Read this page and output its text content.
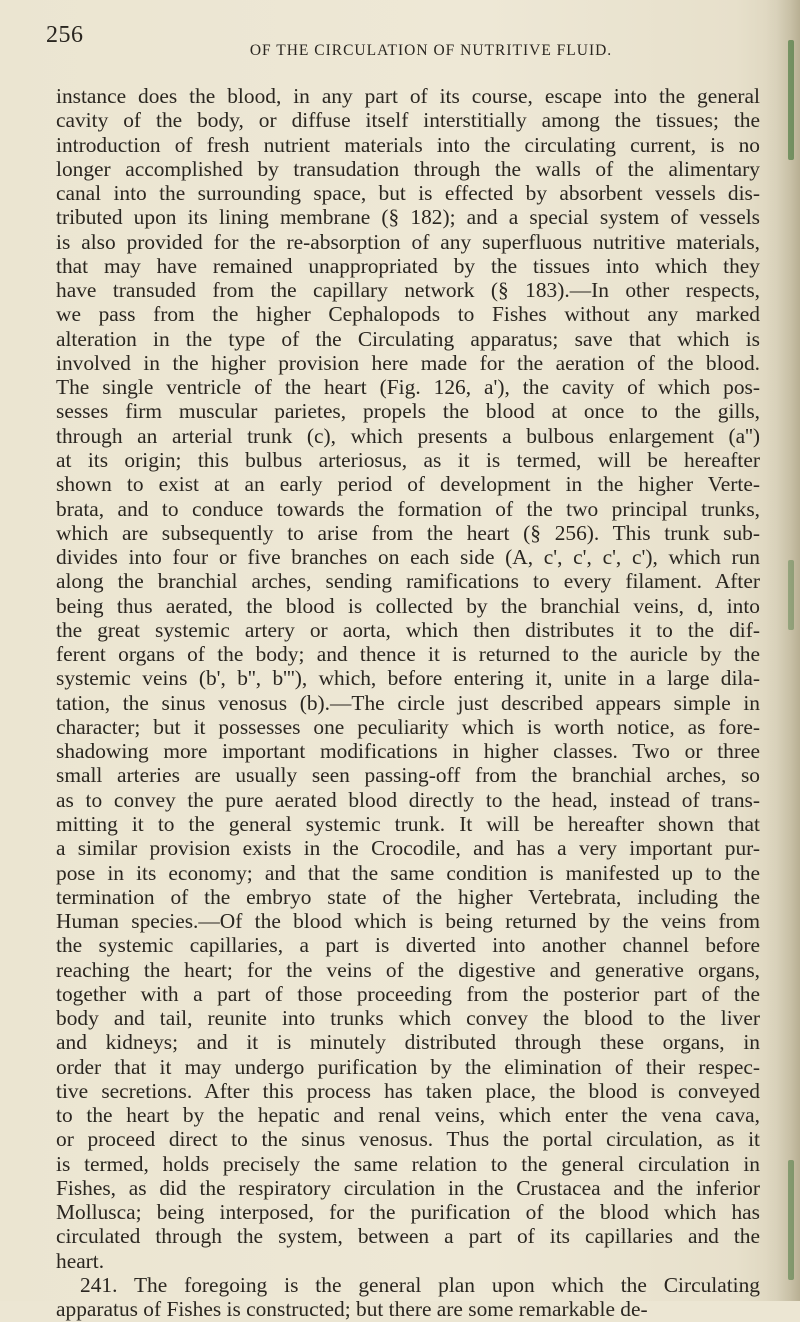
256
OF THE CIRCULATION OF NUTRITIVE FLUID.
instance does the blood, in any part of its course, escape into the general
cavity of the body, or diffuse itself interstitially among the tissues; the
introduction of fresh nutrient materials into the circulating current, is no
longer accomplished by transudation through the walls of the alimentary
canal into the surrounding space, but is effected by absorbent vessels dis-
tributed upon its lining membrane (§ 182); and a special system of vessels
is also provided for the re-absorption of any superfluous nutritive materials,
that may have remained unappropriated by the tissues into which they
have transuded from the capillary network (§ 183).—In other respects,
we pass from the higher Cephalopods to Fishes without any marked
alteration in the type of the Circulating apparatus; save that which is
involved in the higher provision here made for the aeration of the blood.
The single ventricle of the heart (Fig. 126, a'), the cavity of which pos-
sesses firm muscular parietes, propels the blood at once to the gills,
through an arterial trunk (c), which presents a bulbous enlargement (a'')
at its origin; this bulbus arteriosus, as it is termed, will be hereafter
shown to exist at an early period of development in the higher Verte-
brata, and to conduce towards the formation of the two principal trunks,
which are subsequently to arise from the heart (§ 256). This trunk sub-
divides into four or five branches on each side (A, c', c', c', c'), which run
along the branchial arches, sending ramifications to every filament. After
being thus aerated, the blood is collected by the branchial veins, d, into
the great systemic artery or aorta, which then distributes it to the dif-
ferent organs of the body; and thence it is returned to the auricle by the
systemic veins (b', b'', b'''), which, before entering it, unite in a large dila-
tation, the sinus venosus (b).—The circle just described appears simple in
character; but it possesses one peculiarity which is worth notice, as fore-
shadowing more important modifications in higher classes. Two or three
small arteries are usually seen passing-off from the branchial arches, so
as to convey the pure aerated blood directly to the head, instead of trans-
mitting it to the general systemic trunk. It will be hereafter shown that
a similar provision exists in the Crocodile, and has a very important pur-
pose in its economy; and that the same condition is manifested up to the
termination of the embryo state of the higher Vertebrata, including the
Human species.—Of the blood which is being returned by the veins from
the systemic capillaries, a part is diverted into another channel before
reaching the heart; for the veins of the digestive and generative organs,
together with a part of those proceeding from the posterior part of the
body and tail, reunite into trunks which convey the blood to the liver
and kidneys; and it is minutely distributed through these organs, in
order that it may undergo purification by the elimination of their respec-
tive secretions. After this process has taken place, the blood is conveyed
to the heart by the hepatic and renal veins, which enter the vena cava,
or proceed direct to the sinus venosus. Thus the portal circulation, as it
is termed, holds precisely the same relation to the general circulation in
Fishes, as did the respiratory circulation in the Crustacea and the inferior
Mollusca; being interposed, for the purification of the blood which has
circulated through the system, between a part of its capillaries and the
heart.
241. The foregoing is the general plan upon which the Circulating
apparatus of Fishes is constructed; but there are some remarkable de-
